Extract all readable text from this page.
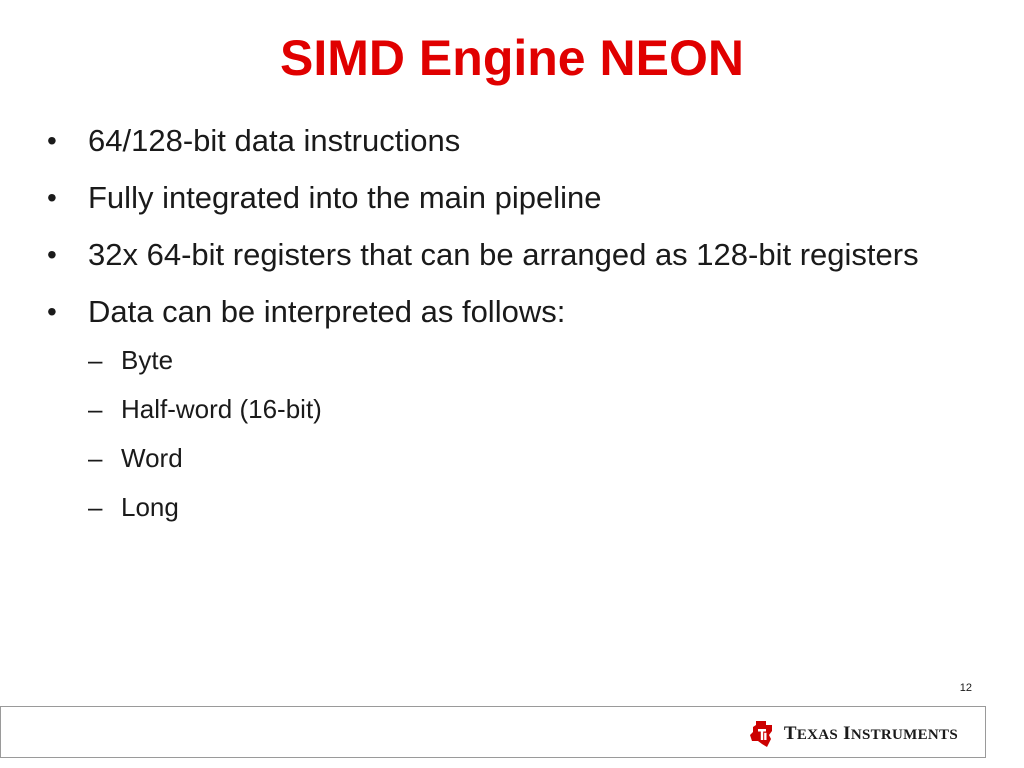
SIMD Engine NEON
• 64/128-bit data instructions
• Fully integrated into the main pipeline
• 32x 64-bit registers that can be arranged as 128-bit registers
• Data can be interpreted as follows:
– Byte
– Half-word (16-bit)
– Word
– Long
12
TEXAS INSTRUMENTS
